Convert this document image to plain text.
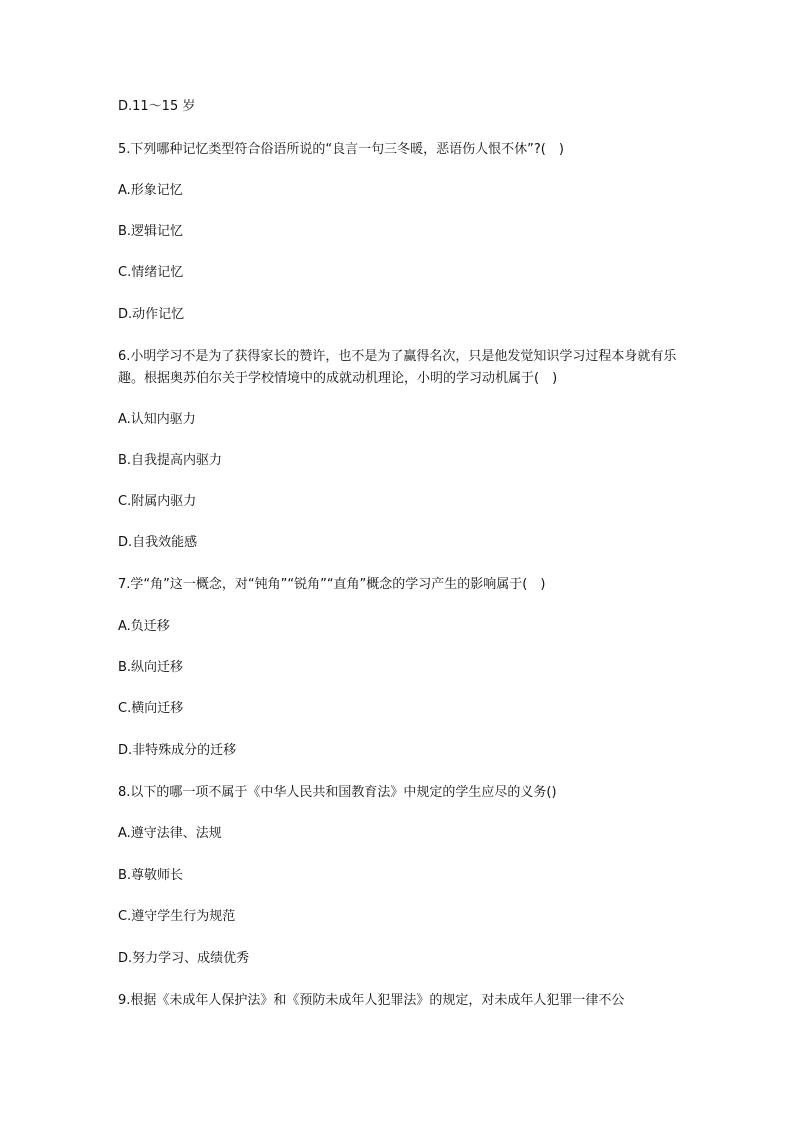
D.11～15 岁
5.下列哪种记忆类型符合俗语所说的“良言一句三冬暖，恶语伤人恨不休”?(　)
A.形象记忆
B.逻辑记忆
C.情绪记忆
D.动作记忆
6.小明学习不是为了获得家长的赞许，也不是为了赢得名次，只是他发觉知识学习过程本身就有乐趣。根据奥苏伯尔关于学校情境中的成就动机理论，小明的学习动机属于(　)
A.认知内驱力
B.自我提高内驱力
C.附属内驱力
D.自我效能感
7.学“角”这一概念，对“钝角”“锐角”“直角”概念的学习产生的影响属于(　)
A.负迁移
B.纵向迁移
C.横向迁移
D.非特殊成分的迁移
8.以下的哪一项不属于《中华人民共和国教育法》中规定的学生应尽的义务()
A.遵守法律、法规
B.尊敬师长
C.遵守学生行为规范
D.努力学习、成绩优秀
9.根据《未成年人保护法》和《预防未成年人犯罪法》的规定，对未成年人犯罪一律不公
